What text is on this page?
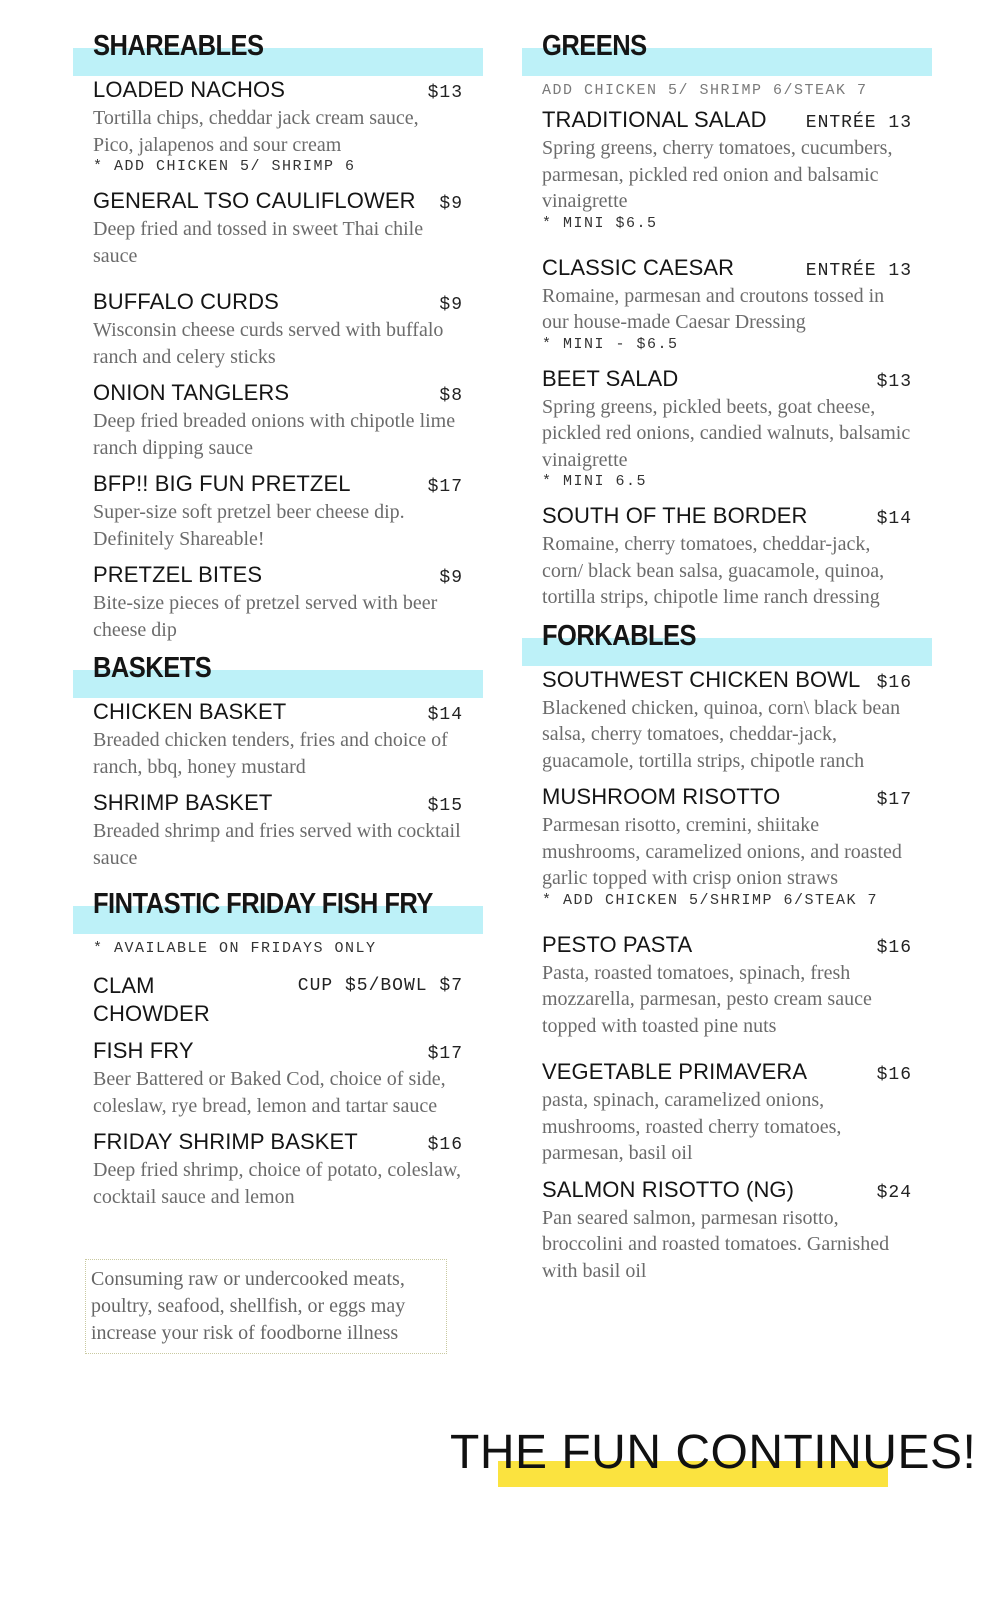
SHAREABLES
LOADED NACHOS	$13
Tortilla chips, cheddar jack cream sauce, Pico, jalapenos and sour cream
* ADD CHICKEN 5/ SHRIMP 6
GENERAL TSO CAULIFLOWER $9
Deep fried and tossed in sweet Thai chile sauce
BUFFALO CURDS	$9
Wisconsin cheese curds served with buffalo ranch and celery sticks
ONION TANGLERS	$8
Deep fried breaded onions with chipotle lime ranch dipping sauce
BFP!! BIG FUN PRETZEL	$17
Super-size soft pretzel beer cheese dip. Definitely Shareable!
PRETZEL BITES	$9
Bite-size pieces of pretzel served with beer cheese dip
BASKETS
CHICKEN BASKET	$14
Breaded chicken tenders, fries and choice of ranch, bbq, honey mustard
SHRIMP BASKET	$15
Breaded shrimp and fries served with cocktail sauce
FINTASTIC FRIDAY FISH FRY
* AVAILABLE ON FRIDAYS ONLY
CLAM CHOWDER
CUP $5/BOWL $7
FISH FRY	$17
Beer Battered or Baked Cod, choice of side, coleslaw, rye bread, lemon and tartar sauce
FRIDAY SHRIMP BASKET	$16
Deep fried shrimp, choice of potato, coleslaw, cocktail sauce and lemon
Consuming raw or undercooked meats, poultry, seafood, shellfish, or eggs may increase your risk of foodborne illness
GREENS
ADD CHICKEN 5/ SHRIMP 6/STEAK 7
TRADITIONAL SALAD ENTRÉE 13
Spring greens, cherry tomatoes, cucumbers, parmesan, pickled red onion and balsamic vinaigrette
* MINI $6.5
CLASSIC CAESAR	ENTRÉE 13
Romaine, parmesan and croutons tossed in our house-made Caesar Dressing
* MINI - $6.5
BEET SALAD	$13
Spring greens, pickled beets, goat cheese, pickled red onions, candied walnuts, balsamic vinaigrette
* MINI 6.5
SOUTH OF THE BORDER	$14
Romaine, cherry tomatoes, cheddar-jack, corn/ black bean salsa, guacamole, quinoa, tortilla strips, chipotle lime ranch dressing
FORKABLES
SOUTHWEST CHICKEN BOWL $16
Blackened chicken, quinoa, corn\ black bean salsa, cherry tomatoes, cheddar-jack, guacamole, tortilla strips, chipotle ranch
MUSHROOM RISOTTO	$17
Parmesan risotto, cremini, shiitake mushrooms, caramelized onions, and roasted garlic topped with crisp onion straws
* ADD CHICKEN 5/SHRIMP 6/STEAK 7
PESTO PASTA	$16
Pasta, roasted tomatoes, spinach, fresh mozzarella, parmesan, pesto cream sauce topped with toasted pine nuts
VEGETABLE PRIMAVERA	$16
pasta, spinach, caramelized onions, mushrooms, roasted cherry tomatoes, parmesan, basil oil
SALMON RISOTTO (NG)	$24
Pan seared salmon, parmesan risotto, broccolini and roasted tomatoes. Garnished with basil oil
THE FUN CONTINUES!
